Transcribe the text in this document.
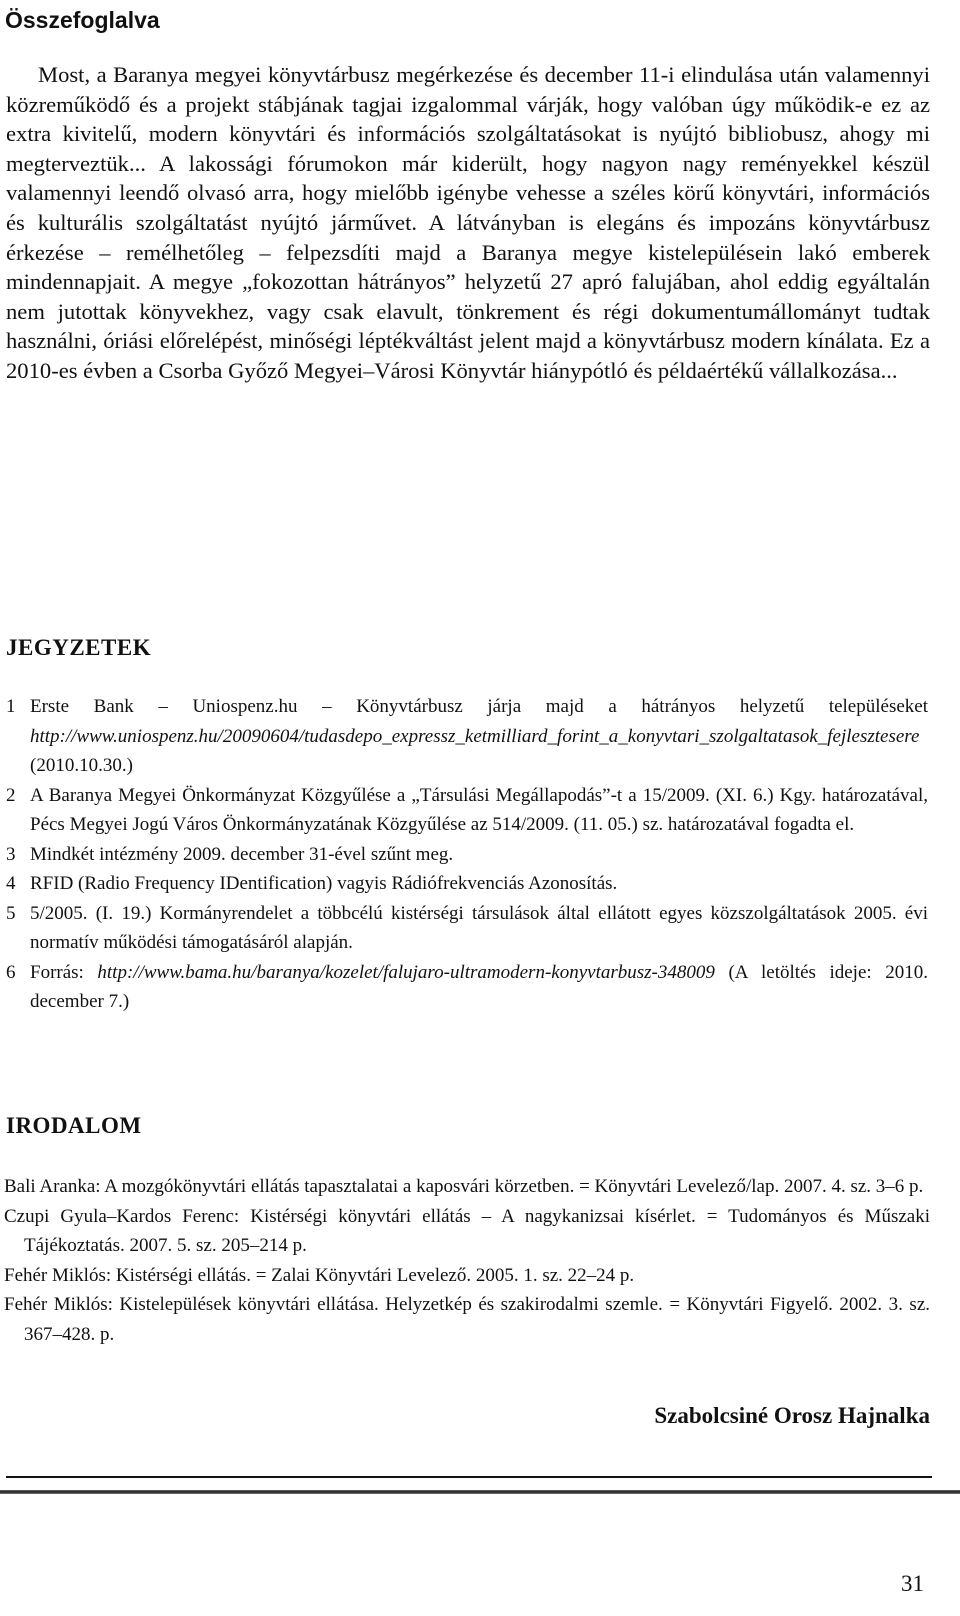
Összefoglalva

Most, a Baranya megyei könyvtárbusz megérkezése és december 11-i elindulása után valamennyi közreműködő és a projekt stábjának tagjai izgalommal várják, hogy valóban úgy működik-e ez az extra kivitelű, modern könyvtári és információs szolgáltatásokat is nyújtó bibliobusz, ahogy mi megterveztük... A lakossági fórumokon már kiderült, hogy nagyon nagy reményekkel készül valamennyi leendő olvasó arra, hogy mielőbb igénybe vehesse a széles körű könyvtári, információs és kulturális szolgáltatást nyújtó járművet. A látványban is elegáns és impozáns könyvtárbusz érkezése – remélhetőleg – felpezsdíti majd a Baranya megye kistelepülésein lakó emberek mindennapjait. A megye „fokozottan hátrányos” helyzetű 27 apró falujában, ahol eddig egyáltalán nem jutottak könyvekhez, vagy csak elavult, tönkrement és régi dokumentumállományt tudtak használni, óriási előrelépést, minőségi léptékváltást jelent majd a könyvtárbusz modern kínálata. Ez a 2010-es évben a Csorba Győző Megyei–Városi Könyvtár hiánypótló és példaértékű vállalkozása...

JEGYZETEK
1 Erste Bank – Uniospenz.hu – Könyvtárbusz járja majd a hátrányos helyzetű településeket http://www.uniospenz.hu/20090604/tudasdepo_expressz_ketmilliard_forint_a_konyvtari_szolgaltatasok_fejlesztesere (2010.10.30.)
2 A Baranya Megyei Önkormányzat Közgyűlése a „Társulási Megállapodás”-t a 15/2009. (XI. 6.) Kgy. határozatával, Pécs Megyei Jogú Város Önkormányzatának Közgyűlése az 514/2009. (11. 05.) sz. határozatával fogadta el.
3 Mindkét intézmény 2009. december 31-ével szűnt meg.
4 RFID (Radio Frequency IDentification) vagyis Rádiófrekvenciás Azonosítás.
5 5/2005. (I. 19.) Kormányrendelet a többcélú kistérségi társulások által ellátott egyes közszolgáltatások 2005. évi normatív működési támogatásáról alapján.
6 Forrás: http://www.bama.hu/baranya/kozelet/falujaro-ultramodern-konyvtarbusz-348009 (A letöltés ideje: 2010. december 7.)
IRODALOM
Bali Aranka: A mozgókönyvtári ellátás tapasztalatai a kaposvári körzetben. = Könyvtári Levelező/lap. 2007. 4. sz. 3–6 p.
Czupi Gyula–Kardos Ferenc: Kistérségi könyvtári ellátás – A nagykanizsai kísérlet. = Tudományos és Műszaki Tájékoztatás. 2007. 5. sz. 205–214 p.
Fehér Miklós: Kistérségi ellátás. = Zalai Könyvtári Levelező. 2005. 1. sz. 22–24 p.
Fehér Miklós: Kistelepülések könyvtári ellátása. Helyzetkép és szakirodalmi szemle. = Könyvtári Figyelő. 2002. 3. sz. 367–428. p.
Szabolcsiné Orosz Hajnalka
31
